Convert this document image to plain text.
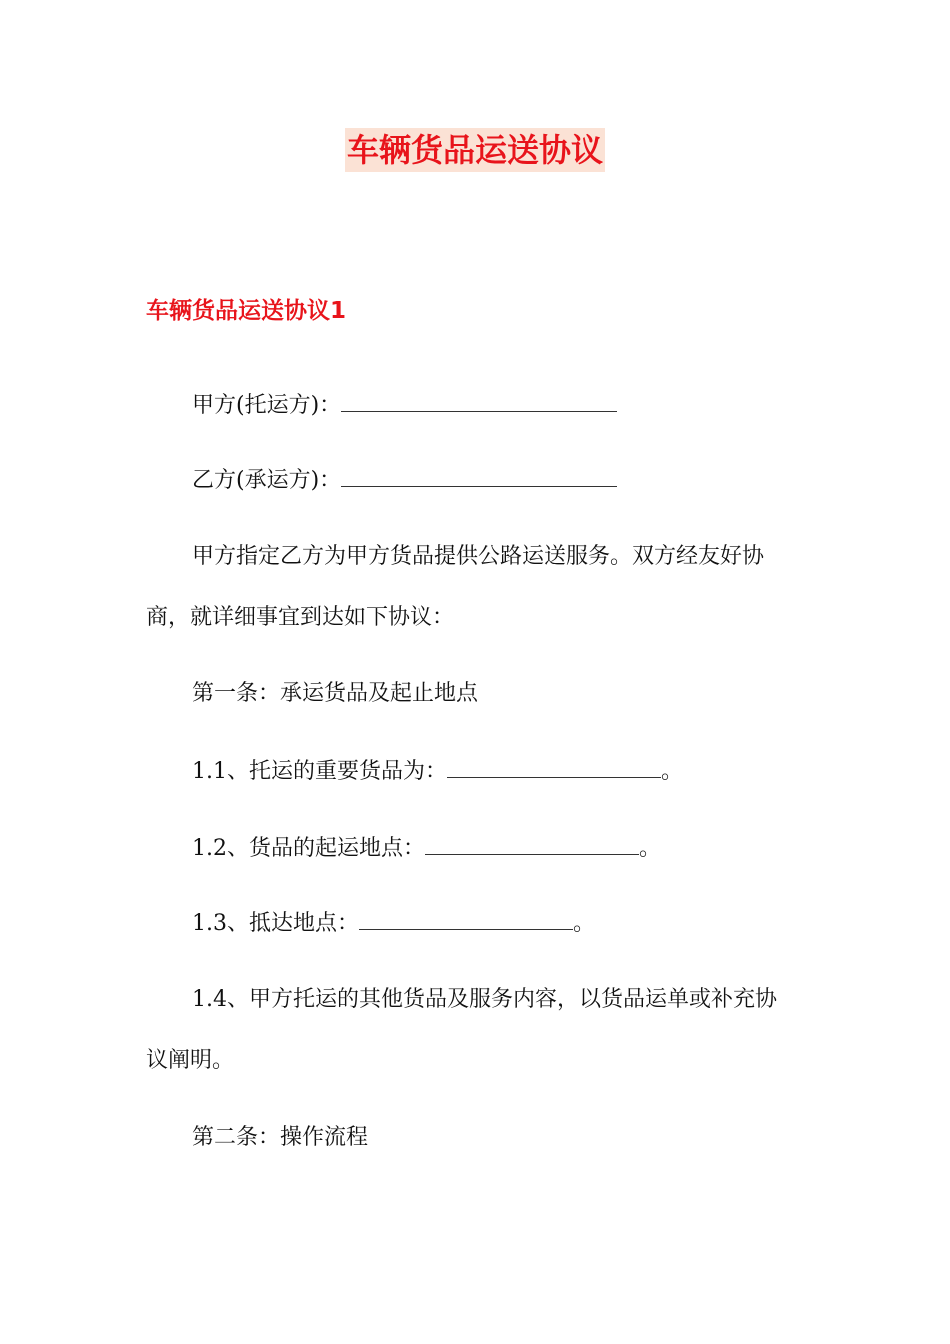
车辆货品运送协议
车辆货品运送协议1

甲方(托运方)：

乙方(承运方)：

甲方指定乙方为甲方货品提供公路运送服务。双方经友好协

商，就详细事宜到达如下协议：

第一条：承运货品及起止地点

1.1、托运的重要货品为：	。

1.2、货品的起运地点：	。

1.3、抵达地点：	。

1.4、甲方托运的其他货品及服务内容，以货品运单或补充协

议阐明。

第二条：操作流程
